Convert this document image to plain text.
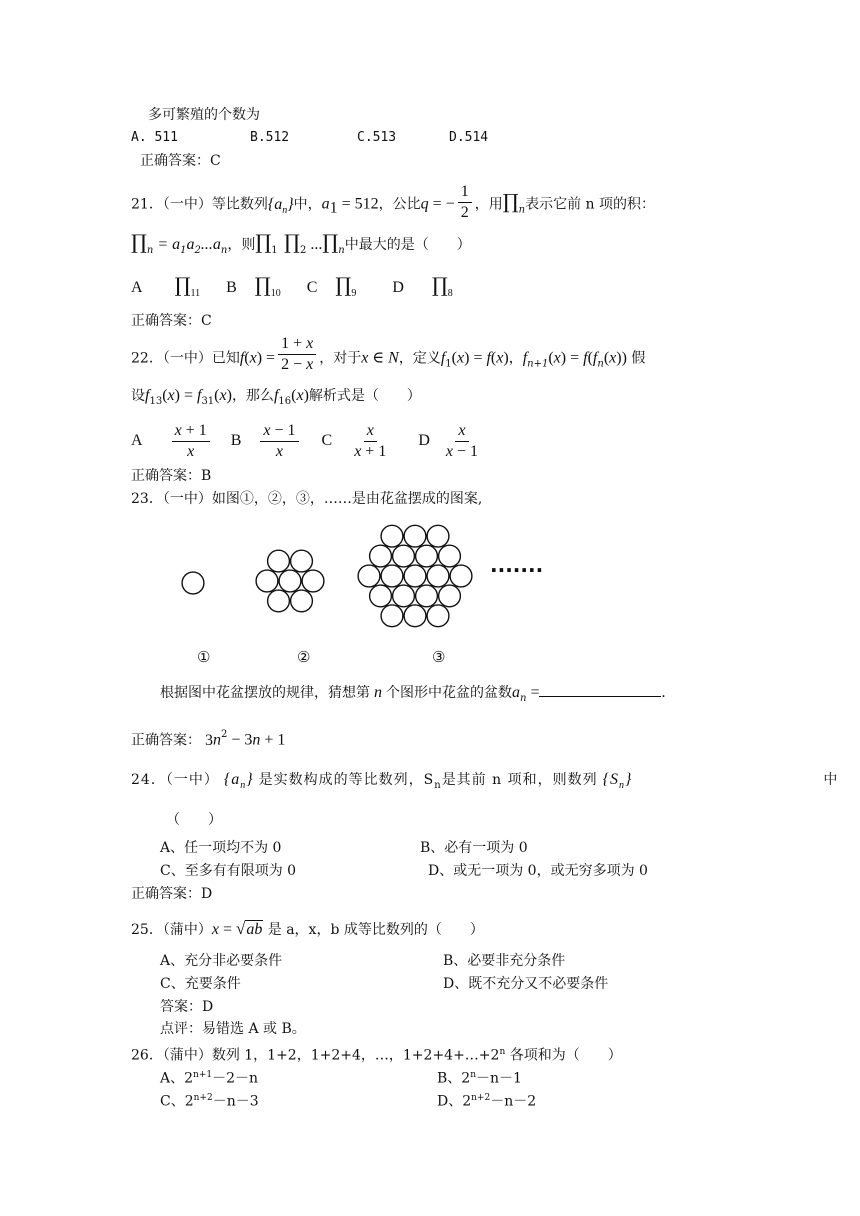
多可繁殖的个数为
A. 511	B.512	C.513	D.514
正确答案：C
21．（一中）等比数列$\{a_n\}$中，$a_1 = 512$，公比q = − $\frac{1}{2}$ ，用$\prod_n$表示它前 n 项的积：
$\prod_n = a_1a_2...a_n$，则$\prod_1$ $\prod_2$ $...\prod_n$中最大的是（　　）
A $\prod_{11}$ B $\prod_{10}$ C $\prod_9$ D $\prod_8$
正确答案：C
22．（一中）已知$f(x) = \frac{1 + x}{2 - x}$ ，对于x ∈ N，定义$f_1(x) = f(x)$，$f_{n+1}(x) = f(f_n(x))$ 假
设$f_{13}(x) = f_{31}(x)$，那么$f_{16}(x)$解析式是（　　）
A $\frac{x + 1}{x}$ B $\frac{x - 1}{x}$ C $\frac{x}{x + 1}$ D $\frac{x}{x - 1}$
正确答案：B
23．（一中）如图①，②，③，……是由花盆摆成的图案,
·······
①	②	③
根据图中花盆摆放的规律，猜想第 n 个图形中花盆的盆数$a_n$ =	.
正确答案： $3n^2 - 3n + 1$
24．（一中） $\{a_n\}$ 是实数构成的等比数列，$S_n$是其前 n 项和，则数列 $\{S_n\}$	中
（　　）
A、任一项均不为 0	B、必有一项为 0
C、至多有有限项为 0	D、或无一项为 0，或无穷多项为 0
正确答案：D
25．（蒲中）x = √ab 是 a，x，b 成等比数列的（　　）
A、充分非必要条件	B、必要非充分条件
C、充要条件	D、既不充分又不必要条件
答案：D
点评：易错选 A 或 B。
26．（蒲中）数列 1，1+2，1+2+4，…，$1+2+4+\dots+2^n$ 各项和为（　　）
A、$2^{n+1}-2-n$	B、$2^n-n-1$
C、$2^{n+2}-n-3$	D、$2^{n+2}-n-2$
